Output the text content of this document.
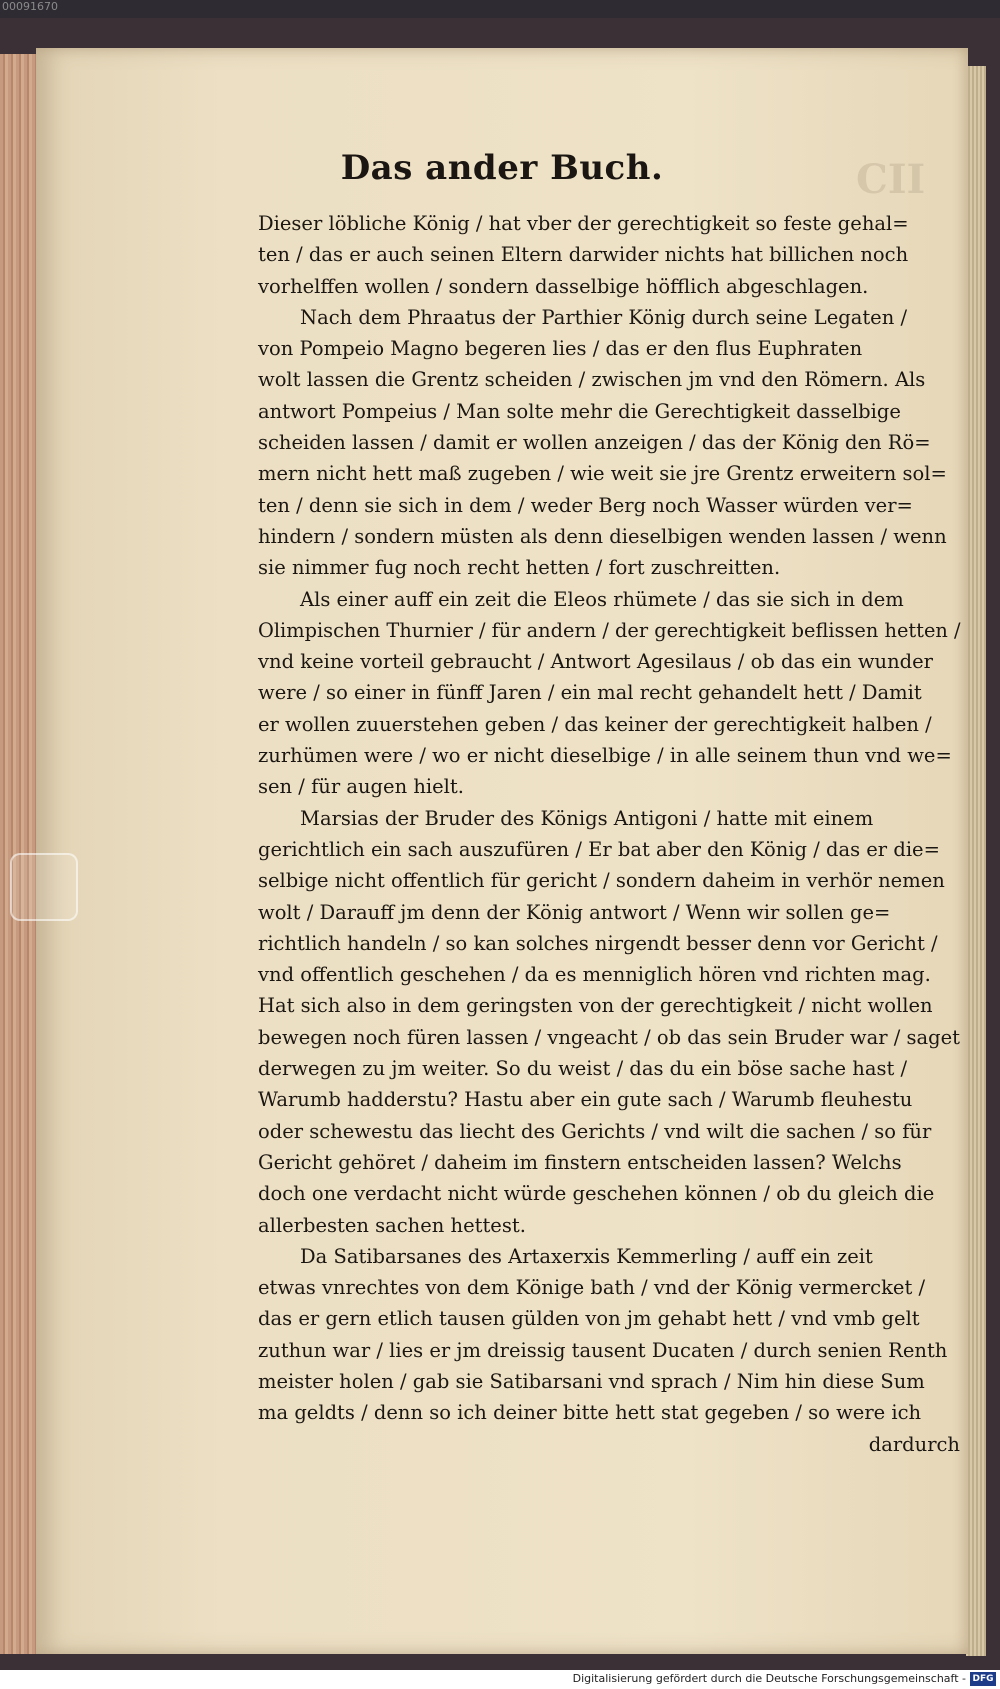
00091670
CII
Das ander Buch.
Dieser löbliche König / hat vber der gerechtigkeit so feste gehal=
ten / das er auch seinen Eltern darwider nichts hat billichen noch
vorhelffen wollen / sondern dasselbige höfflich abgeschlagen.
Nach dem Phraatus der Parthier König durch seine Legaten /
von Pompeio Magno begeren lies / das er den flus Euphraten
wolt lassen die Grentz scheiden / zwischen jm vnd den Römern. Als
antwort Pompeius / Man solte mehr die Gerechtigkeit dasselbige
scheiden lassen / damit er wollen anzeigen / das der König den Rö=
mern nicht hett maß zugeben / wie weit sie jre Grentz erweitern sol=
ten / denn sie sich in dem / weder Berg noch Wasser würden ver=
hindern / sondern müsten als denn dieselbigen wenden lassen / wenn
sie nimmer fug noch recht hetten / fort zuschreitten.
Als einer auff ein zeit die Eleos rhümete / das sie sich in dem
Olimpischen Thurnier / für andern / der gerechtigkeit beflissen hetten /
vnd keine vorteil gebraucht / Antwort Agesilaus / ob das ein wunder
were / so einer in fünff Jaren / ein mal recht gehandelt hett / Damit
er wollen zuuerstehen geben / das keiner der gerechtigkeit halben /
zurhümen were / wo er nicht dieselbige / in alle seinem thun vnd we=
sen / für augen hielt.
Marsias der Bruder des Königs Antigoni / hatte mit einem
gerichtlich ein sach auszufüren / Er bat aber den König / das er die=
selbige nicht offentlich für gericht / sondern daheim in verhör nemen
wolt / Darauff jm denn der König antwort / Wenn wir sollen ge=
richtlich handeln / so kan solches nirgendt besser denn vor Gericht /
vnd offentlich geschehen / da es menniglich hören vnd richten mag.
Hat sich also in dem geringsten von der gerechtigkeit / nicht wollen
bewegen noch füren lassen / vngeacht / ob das sein Bruder war / saget
derwegen zu jm weiter. So du weist / das du ein böse sache hast /
Warumb hadderstu? Hastu aber ein gute sach / Warumb fleuhestu
oder schewestu das liecht des Gerichts / vnd wilt die sachen / so für
Gericht gehöret / daheim im finstern entscheiden lassen? Welchs
doch one verdacht nicht würde geschehen können / ob du gleich die
allerbesten sachen hettest.
Da Satibarsanes des Artaxerxis Kemmerling / auff ein zeit
etwas vnrechtes von dem Könige bath / vnd der König vermercket /
das er gern etlich tausen gülden von jm gehabt hett / vnd vmb gelt
zuthun war / lies er jm dreissig tausent Ducaten / durch senien Renth
meister holen / gab sie Satibarsani vnd sprach / Nim hin diese Sum
ma geldts / denn so ich deiner bitte hett stat gegeben / so were ich
dardurch
Digitalisierung gefördert durch die Deutsche Forschungsgemeinschaft - DFG
